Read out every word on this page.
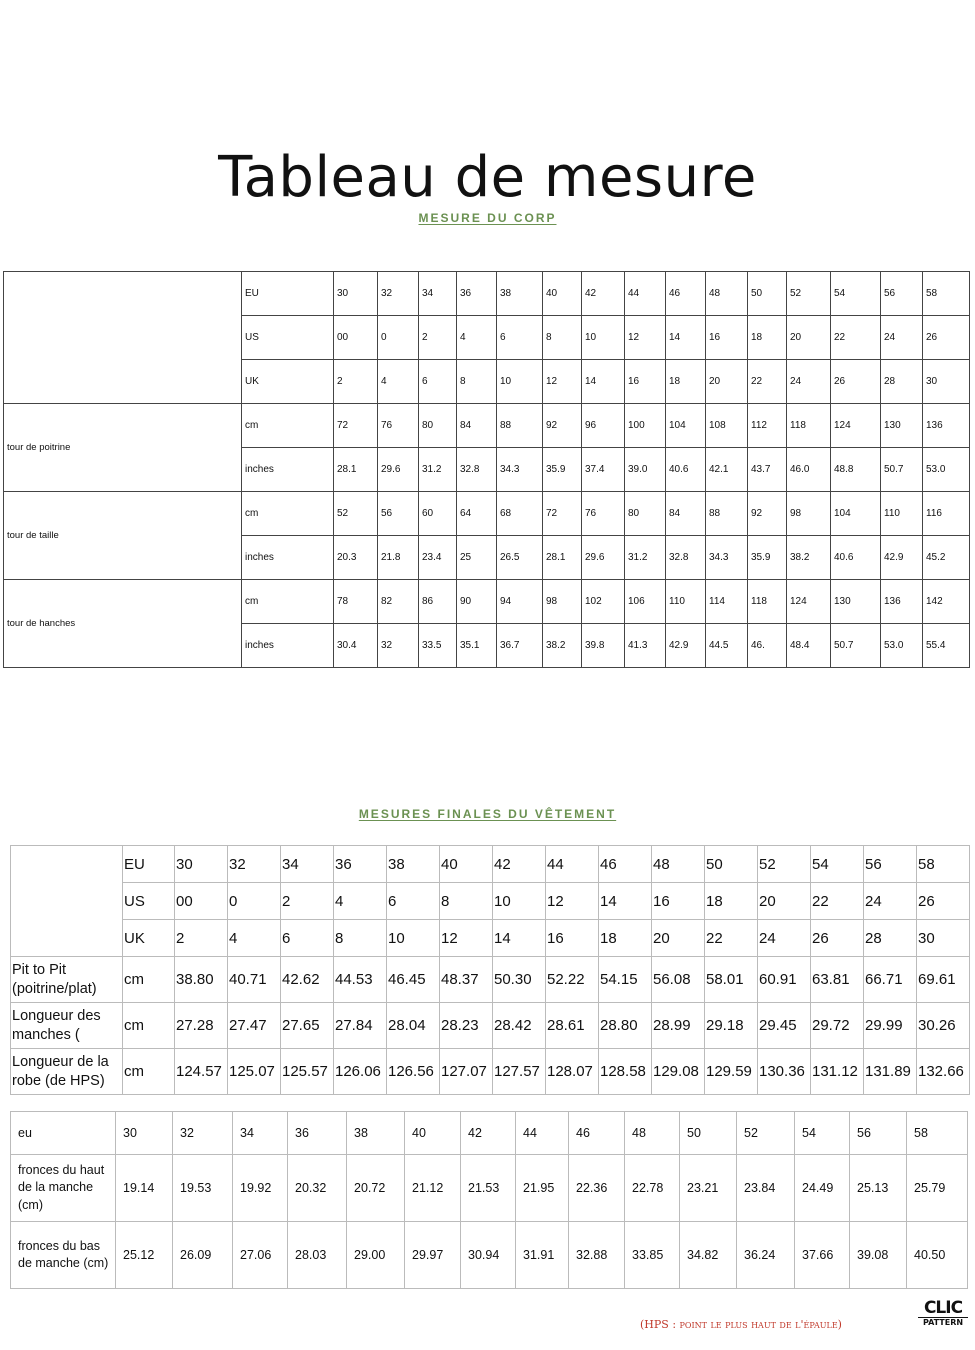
Tableau de mesure
MESURE DU CORP
	EU	30	32	34	36	38	40	42	44	46	48	50	52	54	56	58
	US	00	0	2	4	6	8	10	12	14	16	18	20	22	24	26
	UK	2	4	6	8	10	12	14	16	18	20	22	24	26	28	30
tour de poitrine	cm	72	76	80	84	88	92	96	100	104	108	112	118	124	130	136
	inches	28.1	29.6	31.2	32.8	34.3	35.9	37.4	39.0	40.6	42.1	43.7	46.0	48.8	50.7	53.0
tour de taille	cm	52	56	60	64	68	72	76	80	84	88	92	98	104	110	116
	inches	20.3	21.8	23.4	25	26.5	28.1	29.6	31.2	32.8	34.3	35.9	38.2	40.6	42.9	45.2
tour de hanches	cm	78	82	86	90	94	98	102	106	110	114	118	124	130	136	142
	inches	30.4	32	33.5	35.1	36.7	38.2	39.8	41.3	42.9	44.5	46.	48.4	50.7	53.0	55.4
MESURES FINALES DU VÊTEMENT
	EU	30	32	34	36	38	40	42	44	46	48	50	52	54	56	58
	US	00	0	2	4	6	8	10	12	14	16	18	20	22	24	26
	UK	2	4	6	8	10	12	14	16	18	20	22	24	26	28	30
Pit to Pit (poitrine/plat)	cm	38.80	40.71	42.62	44.53	46.45	48.37	50.30	52.22	54.15	56.08	58.01	60.91	63.81	66.71	69.61
Longueur des manches (	cm	27.28	27.47	27.65	27.84	28.04	28.23	28.42	28.61	28.80	28.99	29.18	29.45	29.72	29.99	30.26
Longueur de la robe (de HPS)	cm	124.57	125.07	125.57	126.06	126.56	127.07	127.57	128.07	128.58	129.08	129.59	130.36	131.12	131.89	132.66
eu	30	32	34	36	38	40	42	44	46	48	50	52	54	56	58
fronces du haut de la manche (cm)	19.14	19.53	19.92	20.32	20.72	21.12	21.53	21.95	22.36	22.78	23.21	23.84	24.49	25.13	25.79
fronces du bas de manche (cm)	25.12	26.09	27.06	28.03	29.00	29.97	30.94	31.91	32.88	33.85	34.82	36.24	37.66	39.08	40.50
(HPS : point le plus haut de l'épaule)
CLIC
PATTERN
